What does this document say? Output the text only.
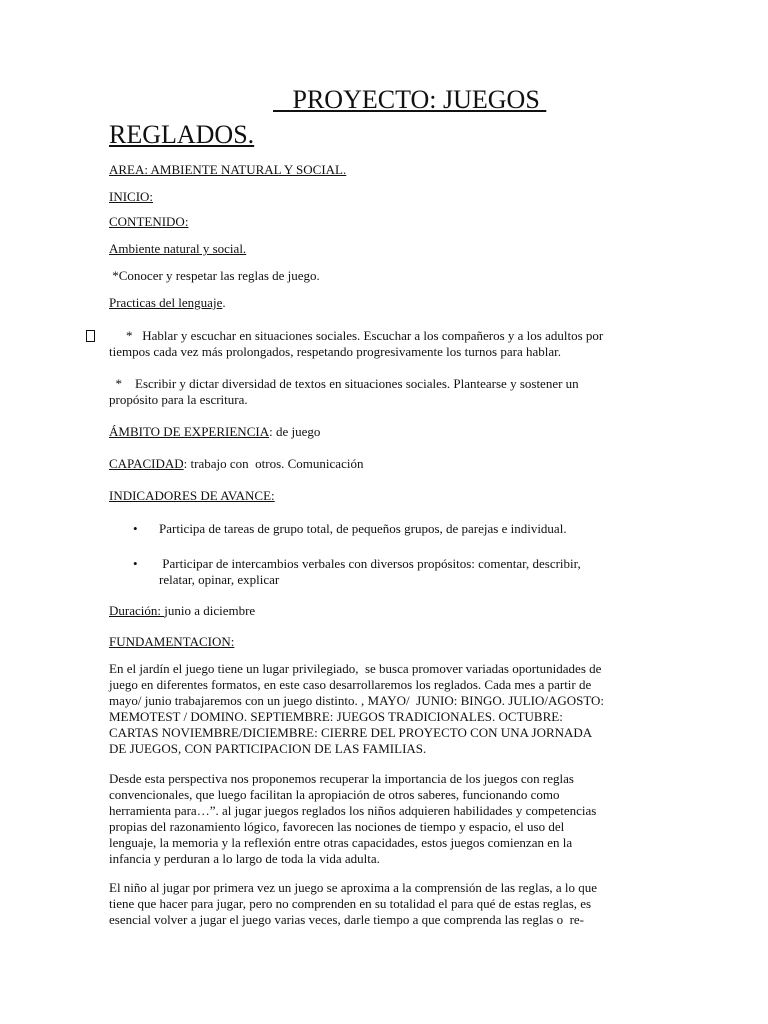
PROYECTO: JUEGOS
REGLADOS.
AREA: AMBIENTE NATURAL Y SOCIAL.
INICIO:
CONTENIDO:
Ambiente natural y social.
*Conocer y respetar las reglas de juego.
Practicas del lenguaje.
*   Hablar y escuchar en situaciones sociales. Escuchar a los compañeros y a los adultos por
tiempos cada vez más prolongados, respetando progresivamente los turnos para hablar.
*    Escribir y dictar diversidad de textos en situaciones sociales. Plantearse y sostener un
propósito para la escritura.
ÁMBITO DE EXPERIENCIA: de juego
CAPACIDAD: trabajo con  otros. Comunicación
INDICADORES DE AVANCE:
• Participa de tareas de grupo total, de pequeños grupos, de parejas e individual.
• Participar de intercambios verbales con diversos propósitos: comentar, describir,
relatar, opinar, explicar
Duración: junio a diciembre
FUNDAMENTACION:
En el jardín el juego tiene un lugar privilegiado,  se busca promover variadas oportunidades de
juego en diferentes formatos, en este caso desarrollaremos los reglados. Cada mes a partir de
mayo/ junio trabajaremos con un juego distinto. , MAYO/  JUNIO: BINGO. JULIO/AGOSTO:
MEMOTEST / DOMINO. SEPTIEMBRE: JUEGOS TRADICIONALES. OCTUBRE:
CARTAS NOVIEMBRE/DICIEMBRE: CIERRE DEL PROYECTO CON UNA JORNADA
DE JUEGOS, CON PARTICIPACION DE LAS FAMILIAS.
Desde esta perspectiva nos proponemos recuperar la importancia de los juegos con reglas
convencionales, que luego facilitan la apropiación de otros saberes, funcionando como
herramienta para…”. al jugar juegos reglados los niños adquieren habilidades y competencias
propias del razonamiento lógico, favorecen las nociones de tiempo y espacio, el uso del
lenguaje, la memoria y la reflexión entre otras capacidades, estos juegos comienzan en la
infancia y perduran a lo largo de toda la vida adulta.
El niño al jugar por primera vez un juego se aproxima a la comprensión de las reglas, a lo que
tiene que hacer para jugar, pero no comprenden en su totalidad el para qué de estas reglas, es
esencial volver a jugar el juego varias veces, darle tiempo a que comprenda las reglas o  re-
